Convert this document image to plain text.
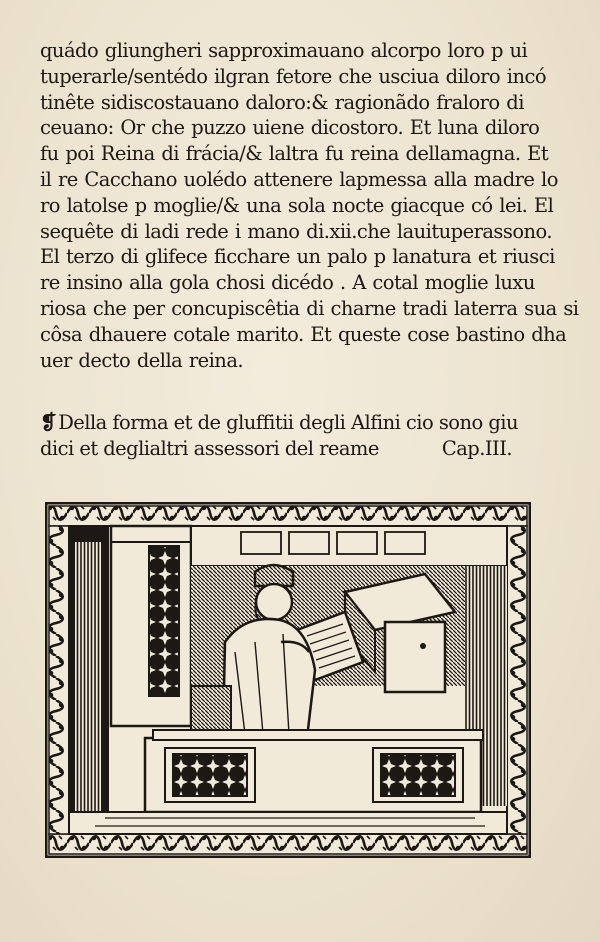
quádo gliungheri sapproximauano alcorpo loro p ui
tuperarle/sentédo ilgran fetore che usciua diloro incó
tinête sidiscostauano daloro:& ragionãdo fraloro di
ceuano: Or che puzzo uiene dicostoro. Et luna diloro
fu poi Reina di frácia/& laltra fu reina dellamagna. Et
il re Cacchano uolédo attenere lapmessa alla madre lo
ro latolse p moglie/& una sola nocte giacque có lei. El
sequête di ladi rede i mano di.xii.che lauituperassono.
El terzo di glifece ficchare un palo p lanatura et riusci
re insino alla gola chosi dicédo . A cotal moglie luxu
riosa che per concupiscêtia di charne tradi laterra sua si
côsa dhauere cotale marito. Et queste cose bastino dha
uer decto della reina.
❡ Della forma et de gluffitii degli Alfini cio sono giu
dici et deglialtri assessori del reame	Cap.III.
